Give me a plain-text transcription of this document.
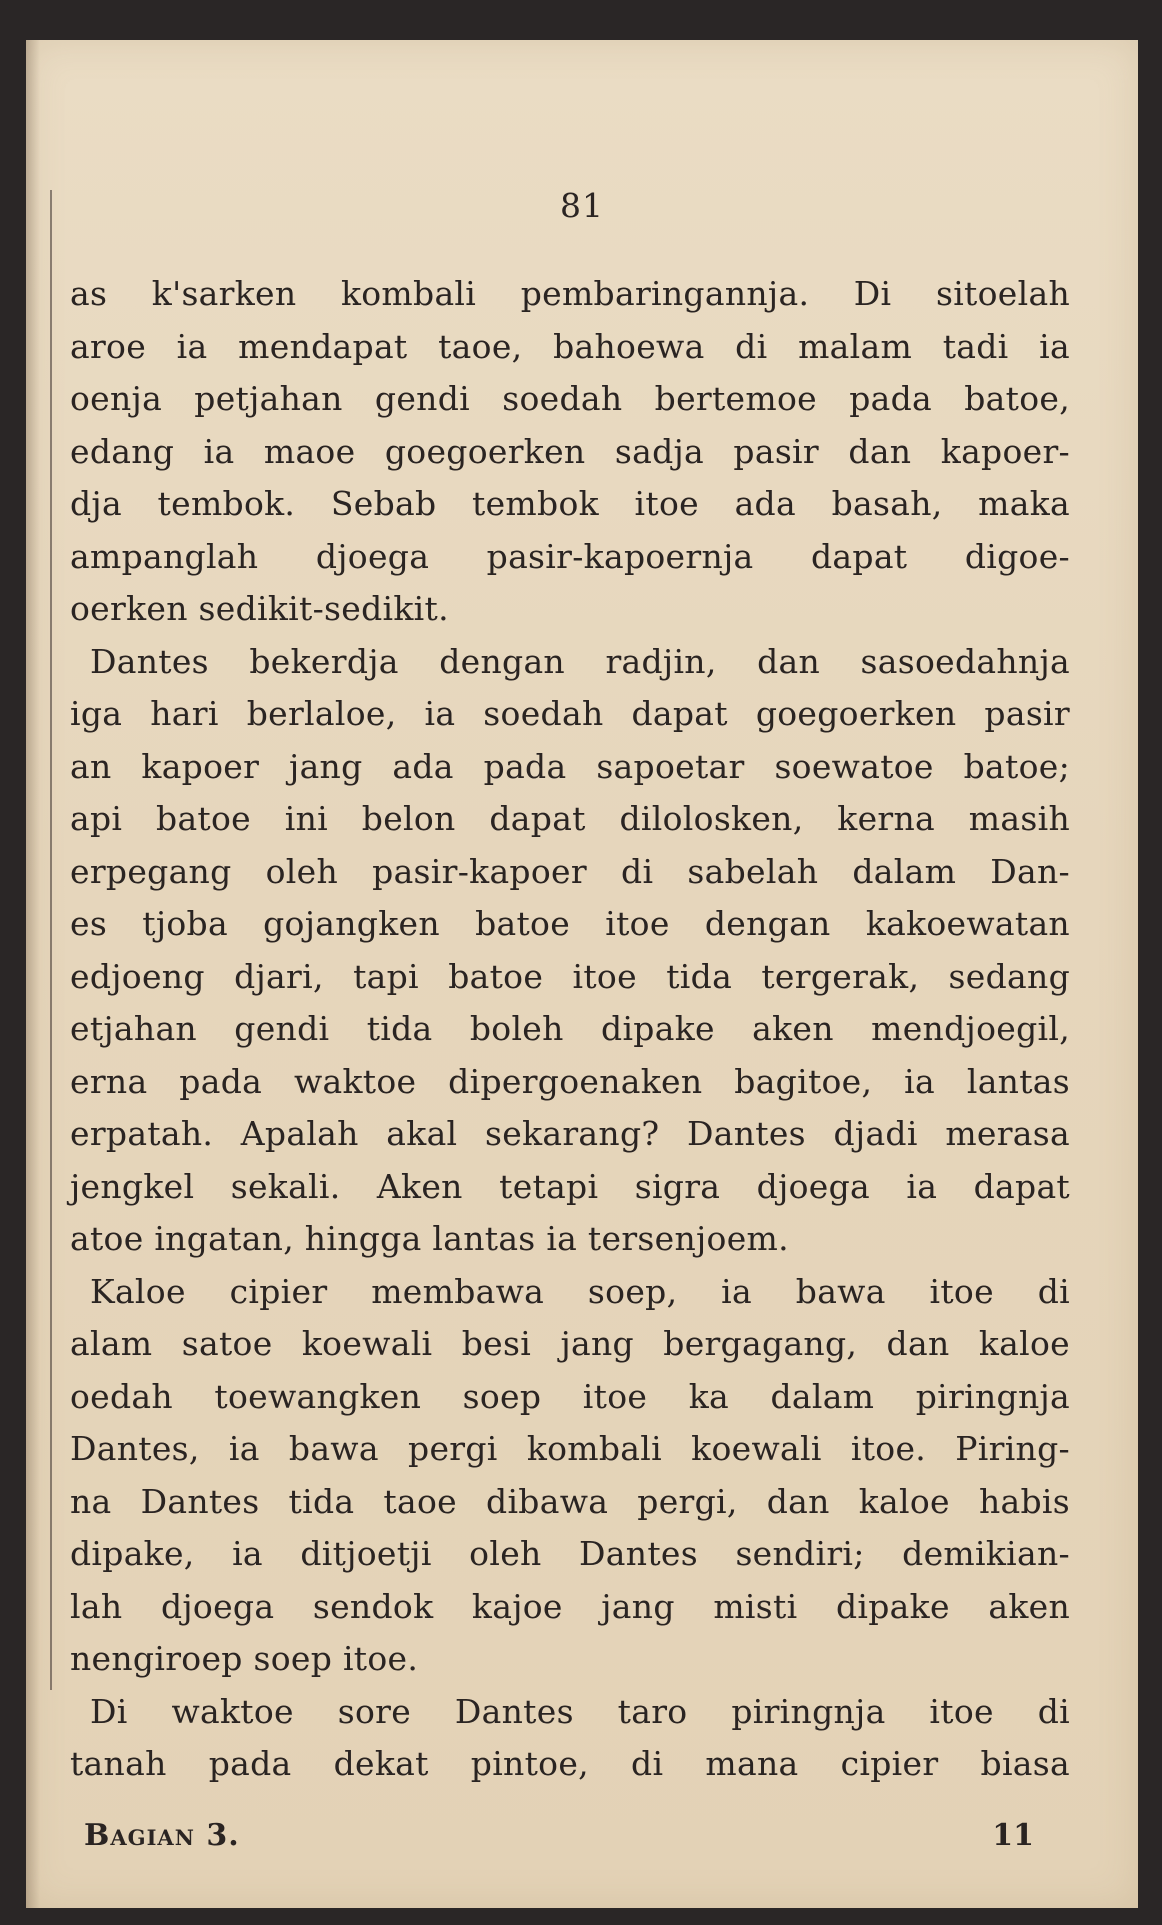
81
as k'sarken kombali pembaringannja. Di sitoelah
aroe ia mendapat taoe, bahoewa di malam tadi ia
oenja petjahan gendi soedah bertemoe pada batoe,
edang ia maoe goegoerken sadja pasir dan kapoer-
dja tembok. Sebab tembok itoe ada basah, maka
ampanglah djoega pasir-kapoernja dapat digoe-
oerken sedikit-sedikit.
Dantes bekerdja dengan radjin, dan sasoedahnja
iga hari berlaloe, ia soedah dapat goegoerken pasir
an kapoer jang ada pada sapoetar soewatoe batoe;
api batoe ini belon dapat dilolosken, kerna masih
erpegang oleh pasir-kapoer di sabelah dalam Dan-
es tjoba gojangken batoe itoe dengan kakoewatan
edjoeng djari, tapi batoe itoe tida tergerak, sedang
etjahan gendi tida boleh dipake aken mendjoegil,
erna pada waktoe dipergoenaken bagitoe, ia lantas
erpatah. Apalah akal sekarang? Dantes djadi merasa
jengkel sekali. Aken tetapi sigra djoega ia dapat
atoe ingatan, hingga lantas ia tersenjoem.
Kaloe cipier membawa soep, ia bawa itoe di
alam satoe koewali besi jang bergagang, dan kaloe
oedah toewangken soep itoe ka dalam piringnja
Dantes, ia bawa pergi kombali koewali itoe. Piring-
na Dantes tida taoe dibawa pergi, dan kaloe habis
dipake, ia ditjoetji oleh Dantes sendiri; demikian-
lah djoega sendok kajoe jang misti dipake aken
nengiroep soep itoe.
Di waktoe sore Dantes taro piringnja itoe di
tanah pada dekat pintoe, di mana cipier biasa
Bagian 3.	11
